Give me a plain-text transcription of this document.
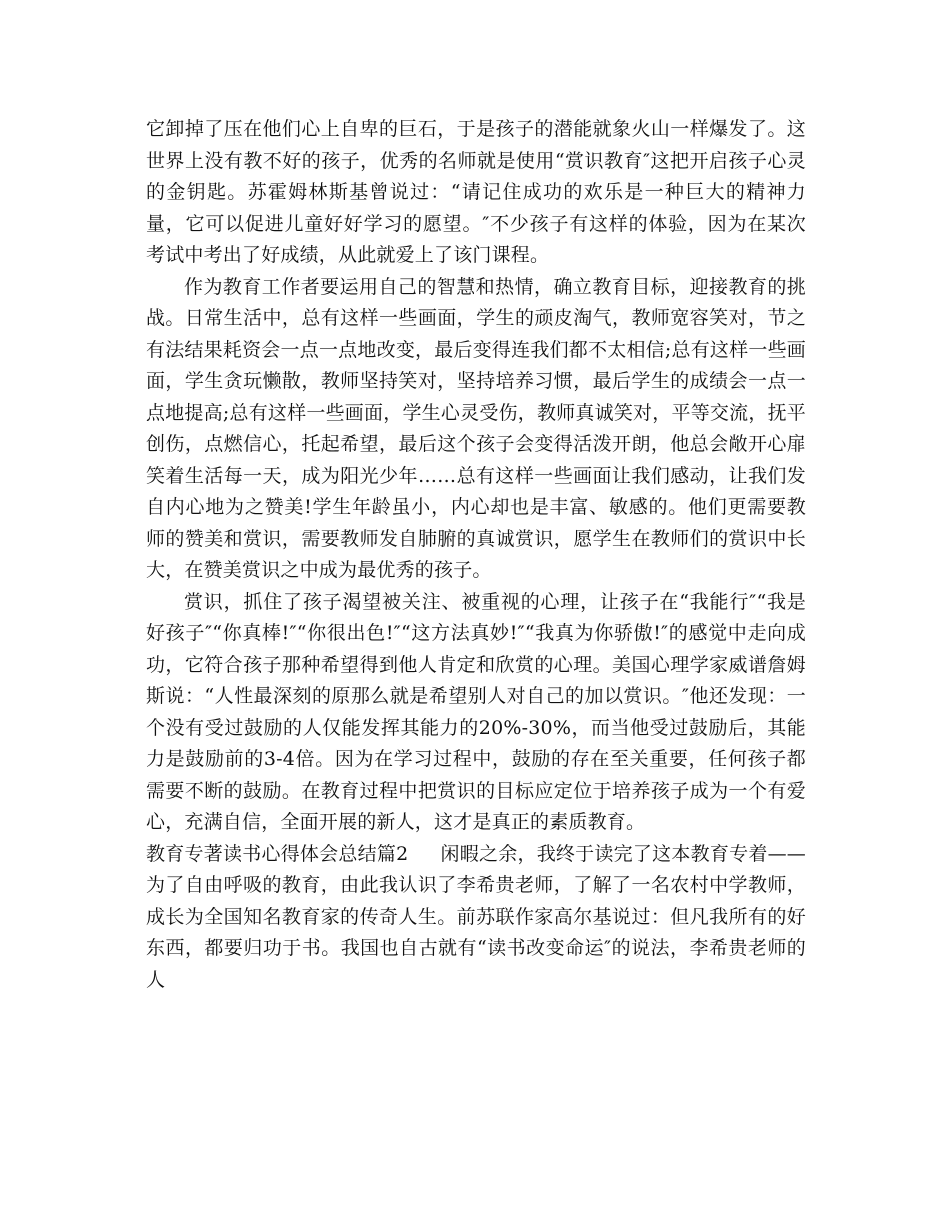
它卸掉了压在他们心上自卑的巨石，于是孩子的潜能就象火山一样爆发了。这世界上没有教不好的孩子，优秀的名师就是使用“赏识教育″这把开启孩子心灵的金钥匙。苏霍姆林斯基曾说过：“请记住成功的欢乐是一种巨大的精神力量，它可以促进儿童好好学习的愿望。″不少孩子有这样的体验，因为在某次考试中考出了好成绩，从此就爱上了该门课程。

作为教育工作者要运用自己的智慧和热情，确立教育目标，迎接教育的挑战。日常生活中，总有这样一些画面，学生的顽皮淘气，教师宽容笑对，节之有法结果耗资会一点一点地改变，最后变得连我们都不太相信;总有这样一些画面，学生贪玩懒散，教师坚持笑对，坚持培养习惯，最后学生的成绩会一点一点地提高;总有这样一些画面，学生心灵受伤，教师真诚笑对，平等交流，抚平创伤，点燃信心，托起希望，最后这个孩子会变得活泼开朗，他总会敞开心扉笑着生活每一天，成为阳光少年……总有这样一些画面让我们感动，让我们发自内心地为之赞美!学生年龄虽小，内心却也是丰富、敏感的。他们更需要教师的赞美和赏识，需要教师发自肺腑的真诚赏识，愿学生在教师们的赏识中长大，在赞美赏识之中成为最优秀的孩子。

赏识，抓住了孩子渴望被关注、被重视的心理，让孩子在“我能行″“我是好孩子″“你真棒!″“你很出色!″“这方法真妙!″“我真为你骄傲!″的感觉中走向成功，它符合孩子那种希望得到他人肯定和欣赏的心理。美国心理学家威谱詹姆斯说：“人性最深刻的原那么就是希望别人对自己的加以赏识。″他还发现：一个没有受过鼓励的人仅能发挥其能力的20%-30%，而当他受过鼓励后，其能力是鼓励前的3-4倍。因为在学习过程中，鼓励的存在至关重要，任何孩子都需要不断的鼓励。在教育过程中把赏识的目标应定位于培养孩子成为一个有爱心，充满自信，全面开展的新人，这才是真正的素质教育。

教育专著读书心得体会总结篇2 闲暇之余，我终于读完了这本教育专着——为了自由呼吸的教育，由此我认识了李希贵老师，了解了一名农村中学教师，成长为全国知名教育家的传奇人生。前苏联作家高尔基说过：但凡我所有的好东西，都要归功于书。我国也自古就有“读书改变命运″的说法，李希贵老师的人
